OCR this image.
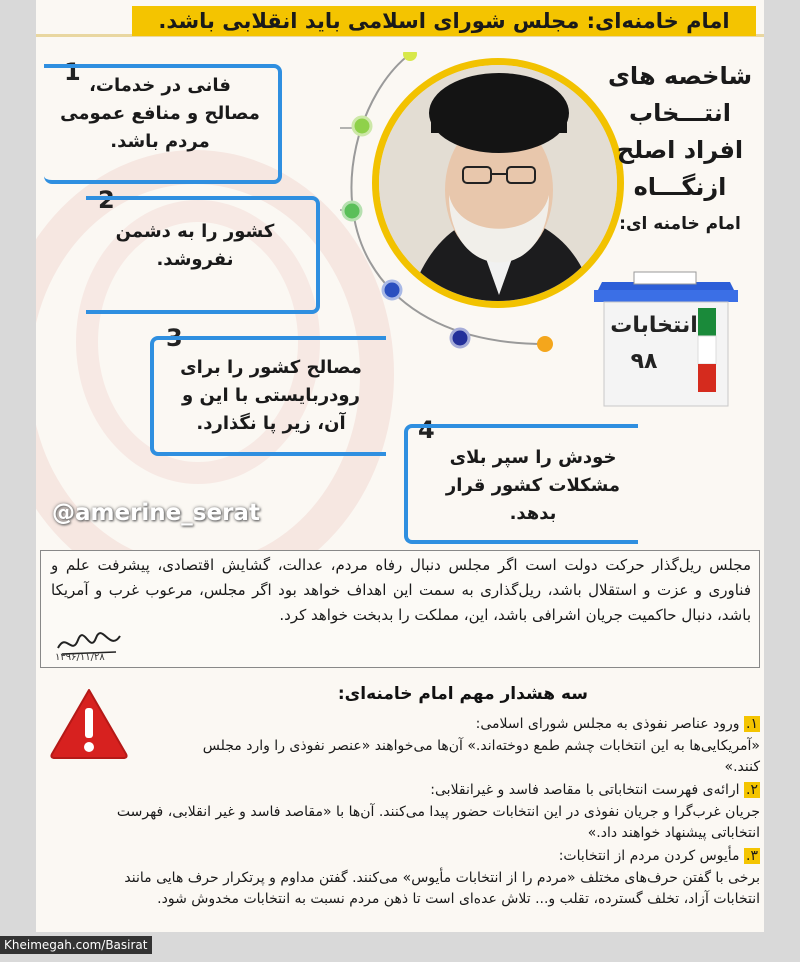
امام خامنه‌ای: مجلس شورای اسلامی باید انقلابی باشد.
شاخصه های
انتـــخاب
افراد اصلح
ازنگـــاه
امام خامنه ای:
انتخابات
۹۸
1 فانی در خدمات، مصالح و منافع عمومی مردم باشد.
2
کشور را به دشمن نفروشد.
3
مصالح کشور را برای رودربایستی با این و آن، زیر پا نگذارد.	4
خودش را سپر بلای مشکلات کشور قرار بدهد.
@amerine_serat
مجلس ریل‌گذار حرکت دولت است اگر مجلس دنبال رفاه مردم، عدالت، گشایش اقتصادی، پیشرفت علم و فناوری و عزت و استقلال باشد، ریل‌گذاری به سمت این اهداف خواهد بود اگر مجلس، مرعوب غرب و آمریکا باشد، دنبال حاکمیت جریان اشرافی باشد، این، مملکت را بدبخت خواهد کرد.
۱۳۹۶/۱۱/۲۸
سه هشدار مهم امام خامنه‌ای:
۱. ورود عناصر نفوذی به مجلس شورای اسلامی:
«آمریکایی‌ها به این انتخابات چشم طمع دوخته‌اند.» آن‌ها می‌خواهند «عنصر نفوذی را وارد مجلس کنند.»
۲. ارائه‌ی فهرست انتخاباتی با مقاصد فاسد و غیرانقلابی:
جریان غرب‌گرا و جریان نفوذی در این انتخابات حضور پیدا می‌کنند. آن‌ها با «مقاصد فاسد و غیر انقلابی، فهرست انتخاباتی پیشنهاد خواهند داد.»
۳. مأیوس کردن مردم از انتخابات:
برخی با گفتن حرف‌های مختلف «مردم را از انتخابات مأیوس» می‌کنند. گفتن مداوم و پرتکرار حرف هایی مانند انتخابات آزاد، تخلف گسترده، تقلب و... تلاش عده‌ای است تا ذهن مردم نسبت به انتخابات مخدوش شود.
Kheimegah.com/Basirat
